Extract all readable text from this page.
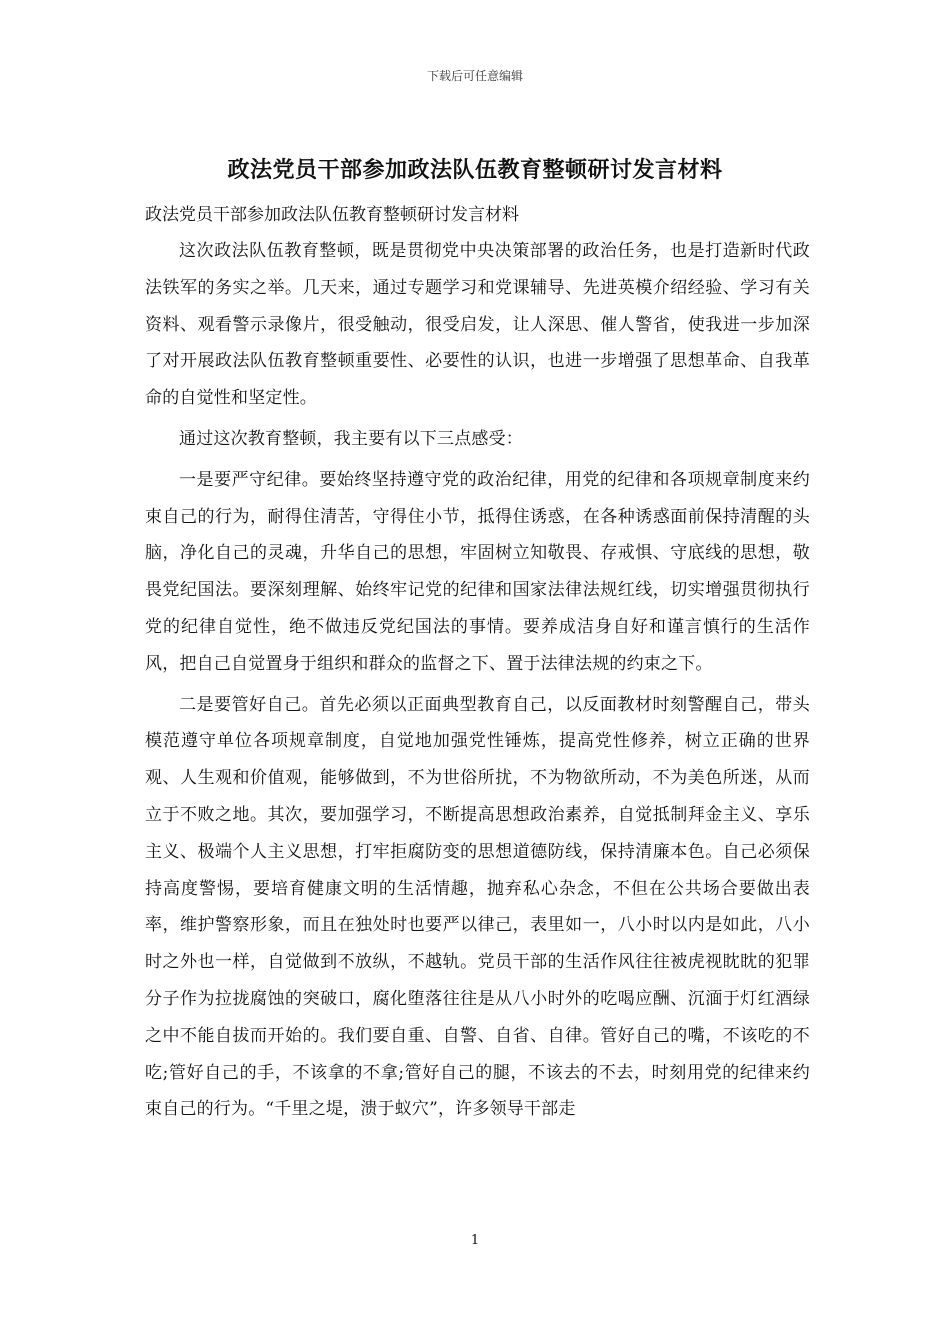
下载后可任意编辑
政法党员干部参加政法队伍教育整顿研讨发言材料
政法党员干部参加政法队伍教育整顿研讨发言材料

这次政法队伍教育整顿，既是贯彻党中央决策部署的政治任务，也是打造新时代政法铁军的务实之举。几天来，通过专题学习和党课辅导、先进英模介绍经验、学习有关资料、观看警示录像片，很受触动，很受启发，让人深思、催人警省，使我进一步加深了对开展政法队伍教育整顿重要性、必要性的认识，也进一步增强了思想革命、自我革命的自觉性和坚定性。

通过这次教育整顿，我主要有以下三点感受：

一是要严守纪律。要始终坚持遵守党的政治纪律，用党的纪律和各项规章制度来约束自己的行为，耐得住清苦，守得住小节，抵得住诱惑，在各种诱惑面前保持清醒的头脑，净化自己的灵魂，升华自己的思想，牢固树立知敬畏、存戒惧、守底线的思想，敬畏党纪国法。要深刻理解、始终牢记党的纪律和国家法律法规红线，切实增强贯彻执行党的纪律自觉性，绝不做违反党纪国法的事情。要养成洁身自好和谨言慎行的生活作风，把自己自觉置身于组织和群众的监督之下、置于法律法规的约束之下。

二是要管好自己。首先必须以正面典型教育自己，以反面教材时刻警醒自己，带头模范遵守单位各项规章制度，自觉地加强党性锤炼，提高党性修养，树立正确的世界观、人生观和价值观，能够做到，不为世俗所扰，不为物欲所动，不为美色所迷，从而立于不败之地。其次，要加强学习，不断提高思想政治素养，自觉抵制拜金主义、享乐主义、极端个人主义思想，打牢拒腐防变的思想道德防线，保持清廉本色。自己必须保持高度警惕，要培育健康文明的生活情趣，抛弃私心杂念，不但在公共场合要做出表率，维护警察形象，而且在独处时也要严以律己，表里如一，八小时以内是如此，八小时之外也一样，自觉做到不放纵，不越轨。党员干部的生活作风往往被虎视眈眈的犯罪分子作为拉拢腐蚀的突破口，腐化堕落往往是从八小时外的吃喝应酬、沉湎于灯红酒绿之中不能自拔而开始的。我们要自重、自警、自省、自律。管好自己的嘴，不该吃的不吃;管好自己的手，不该拿的不拿;管好自己的腿，不该去的不去，时刻用党的纪律来约束自己的行为。“千里之堤，溃于蚁穴”，许多领导干部走

1
